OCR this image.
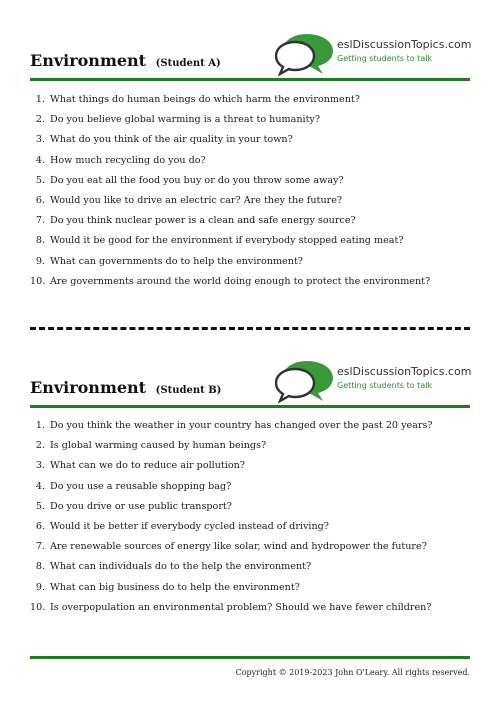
Environment (Student A)
eslDiscussionTopics.com
Getting students to talk
1. What things do human beings do which harm the environment?
2. Do you believe global warming is a threat to humanity?
3. What do you think of the air quality in your town?
4. How much recycling do you do?
5. Do you eat all the food you buy or do you throw some away?
6. Would you like to drive an electric car? Are they the future?
7. Do you think nuclear power is a clean and safe energy source?
8. Would it be good for the environment if everybody stopped eating meat?
9. What can governments do to help the environment?
10. Are governments around the world doing enough to protect the environment?
Environment (Student B)
eslDiscussionTopics.com
Getting students to talk
1. Do you think the weather in your country has changed over the past 20 years?
2. Is global warming caused by human beings?
3. What can we do to reduce air pollution?
4. Do you use a reusable shopping bag?
5. Do you drive or use public transport?
6. Would it be better if everybody cycled instead of driving?
7. Are renewable sources of energy like solar, wind and hydropower the future?
8. What can individuals do to the help the environment?
9. What can big business do to help the environment?
10. Is overpopulation an environmental problem? Should we have fewer children?
Copyright © 2019-2023 John O'Leary. All rights reserved.
